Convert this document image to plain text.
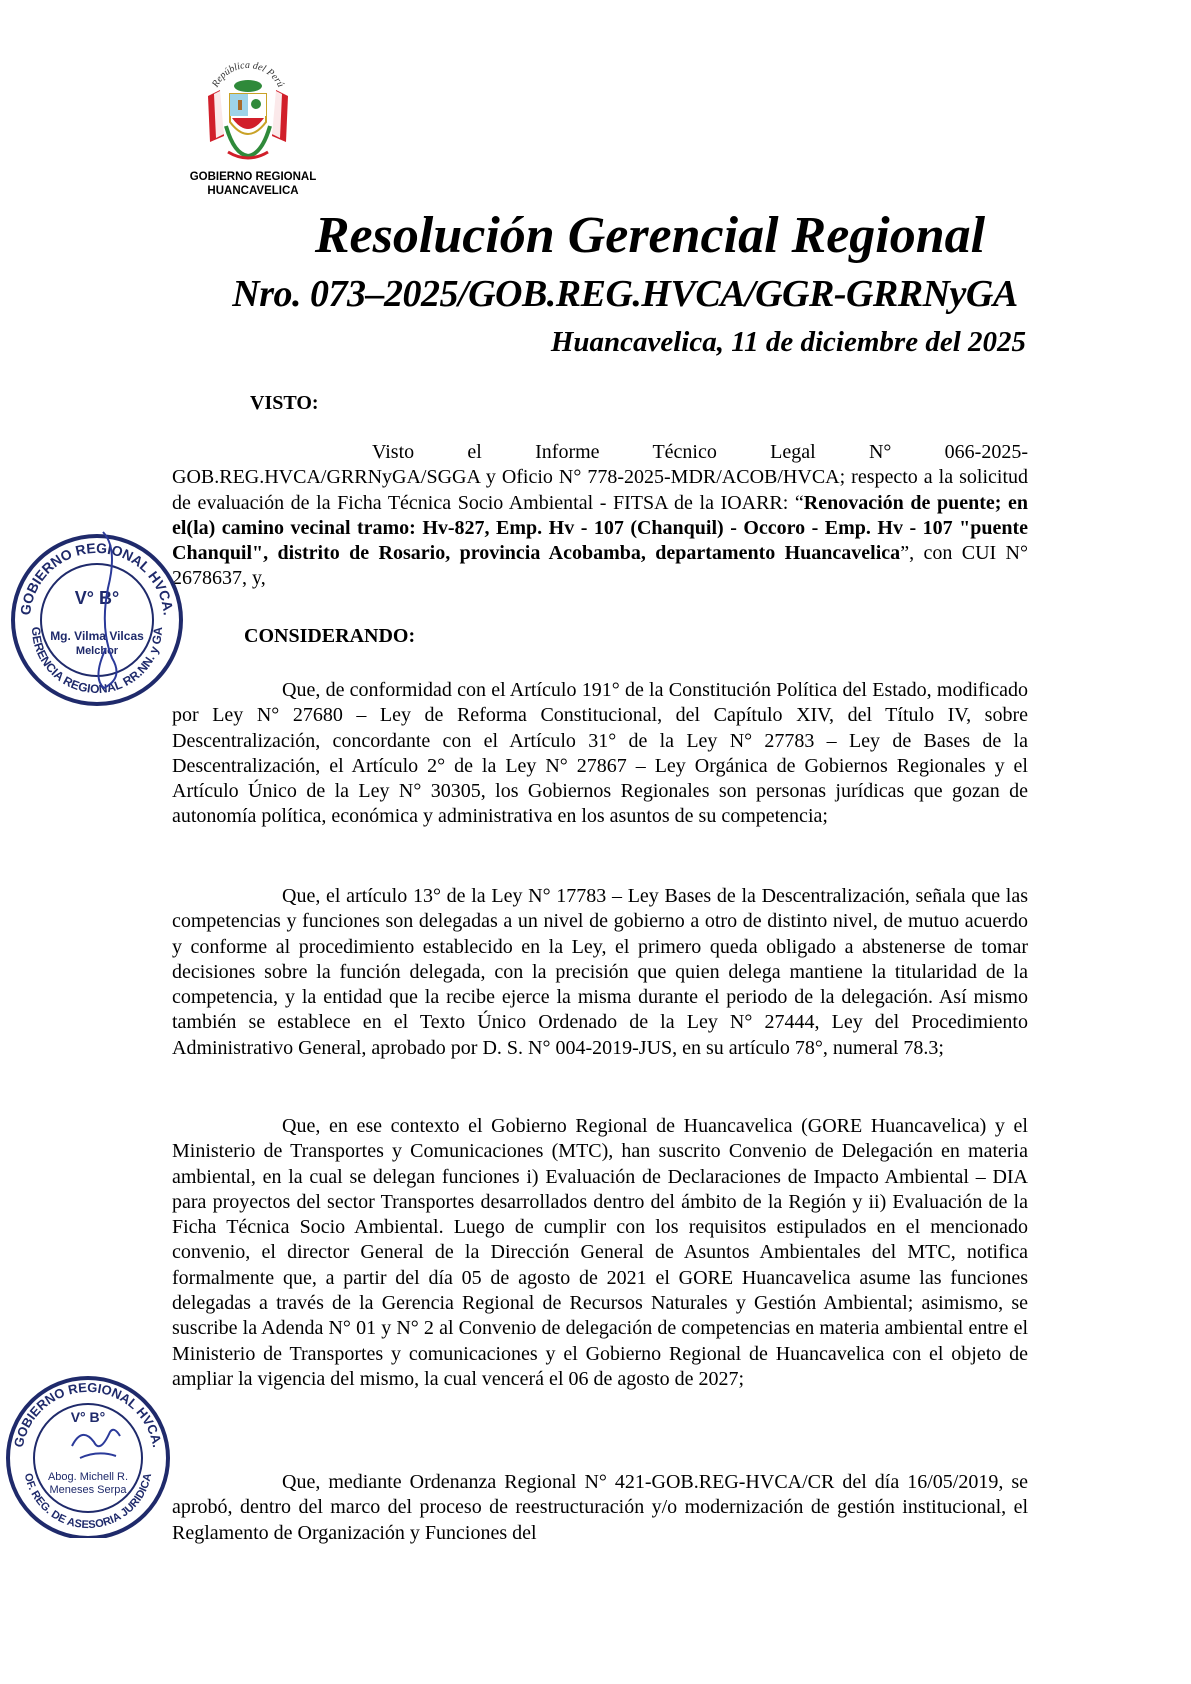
República del Perú
GOBIERNO REGIONAL
HUANCAVELICA
Resolución Gerencial Regional
Nro. 073–2025/GOB.REG.HVCA/GGR-GRRNyGA
Huancavelica, 11 de diciembre del 2025
VISTO:
Visto el Informe Técnico Legal N° 066-2025-GOB.REG.HVCA/GRRNyGA/SGGA y Oficio N° 778-2025-MDR/ACOB/HVCA; respecto a la solicitud de evaluación de la Ficha Técnica Socio Ambiental - FITSA de la IOARR: “Renovación de puente; en el(la) camino vecinal tramo: Hv-827, Emp. Hv - 107 (Chanquil) - Occoro - Emp. Hv - 107 "puente Chanquil", distrito de Rosario, provincia Acobamba, departamento Huancavelica”, con CUI N° 2678637, y,
CONSIDERANDO:
Que, de conformidad con el Artículo 191° de la Constitución Política del Estado, modificado por Ley N° 27680 – Ley de Reforma Constitucional, del Capítulo XIV, del Título IV, sobre Descentralización, concordante con el Artículo 31° de la Ley N° 27783 – Ley de Bases de la Descentralización, el Artículo 2° de la Ley N° 27867 – Ley Orgánica de Gobiernos Regionales y el Artículo Único de la Ley N° 30305, los Gobiernos Regionales son personas jurídicas que gozan de autonomía política, económica y administrativa en los asuntos de su competencia;
Que, el artículo 13° de la Ley N° 17783 – Ley Bases de la Descentralización, señala que las competencias y funciones son delegadas a un nivel de gobierno a otro de distinto nivel, de mutuo acuerdo y conforme al procedimiento establecido en la Ley, el primero queda obligado a abstenerse de tomar decisiones sobre la función delegada, con la precisión que quien delega mantiene la titularidad de la competencia, y la entidad que la recibe ejerce la misma durante el periodo de la delegación. Así mismo también se establece en el Texto Único Ordenado de la Ley N° 27444, Ley del Procedimiento Administrativo General, aprobado por D. S. N° 004-2019-JUS, en su artículo 78°, numeral 78.3;
Que, en ese contexto el Gobierno Regional de Huancavelica (GORE Huancavelica) y el Ministerio de Transportes y Comunicaciones (MTC), han suscrito Convenio de Delegación en materia ambiental, en la cual se delegan funciones i) Evaluación de Declaraciones de Impacto Ambiental – DIA para proyectos del sector Transportes desarrollados dentro del ámbito de la Región y ii) Evaluación de la Ficha Técnica Socio Ambiental. Luego de cumplir con los requisitos estipulados en el mencionado convenio, el director General de la Dirección General de Asuntos Ambientales del MTC, notifica formalmente que, a partir del día 05 de agosto de 2021 el GORE Huancavelica asume las funciones delegadas a través de la Gerencia Regional de Recursos Naturales y Gestión Ambiental; asimismo, se suscribe la Adenda N° 01 y N° 2 al Convenio de delegación de competencias en materia ambiental entre el Ministerio de Transportes y comunicaciones y el Gobierno Regional de Huancavelica con el objeto de ampliar la vigencia del mismo, la cual vencerá el 06 de agosto de 2027;
Que, mediante Ordenanza Regional N° 421-GOB.REG-HVCA/CR del día 16/05/2019, se aprobó, dentro del marco del proceso de reestructuración y/o modernización de gestión institucional, el Reglamento de Organización y Funciones del
GOBIERNO REGIONAL HVCA.
GERENCIA REGIONAL RR.NN. y GA
V° B°
Mg. Vilma Vilcas
Melchor
GOBIERNO REGIONAL HVCA.
OF. REG. DE ASESORIA JURIDICA
V° B°
Abog. Michell R.
Meneses Serpa
